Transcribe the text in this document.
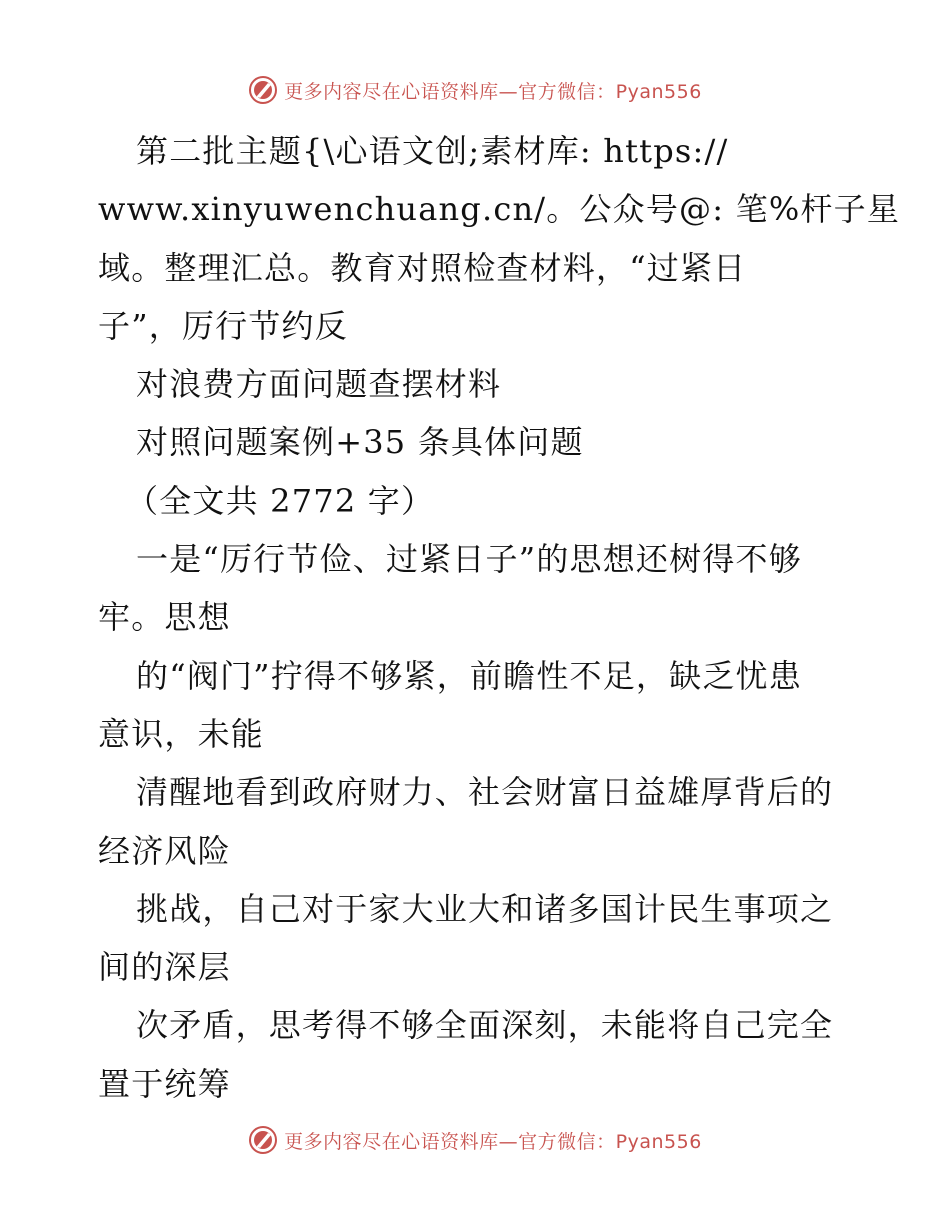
更多内容尽在心语资料库—官方微信：Pyan556
第二批主题{\心语文创;素材库: https://
www.xinyuwenchuang.cn/。公众号@: 笔%杆子星
域。整理汇总。教育对照检查材料，“过紧日
子”，厉行节约反
对浪费方面问题查摆材料
对照问题案例+35 条具体问题
（全文共 2772 字）
一是“厉行节俭、过紧日子”的思想还树得不够
牢。思想
的“阀门”拧得不够紧，前瞻性不足，缺乏忧患
意识，未能
清醒地看到政府财力、社会财富日益雄厚背后的
经济风险
挑战，自己对于家大业大和诸多国计民生事项之
间的深层
次矛盾，思考得不够全面深刻，未能将自己完全
置于统筹
更多内容尽在心语资料库—官方微信：Pyan556
